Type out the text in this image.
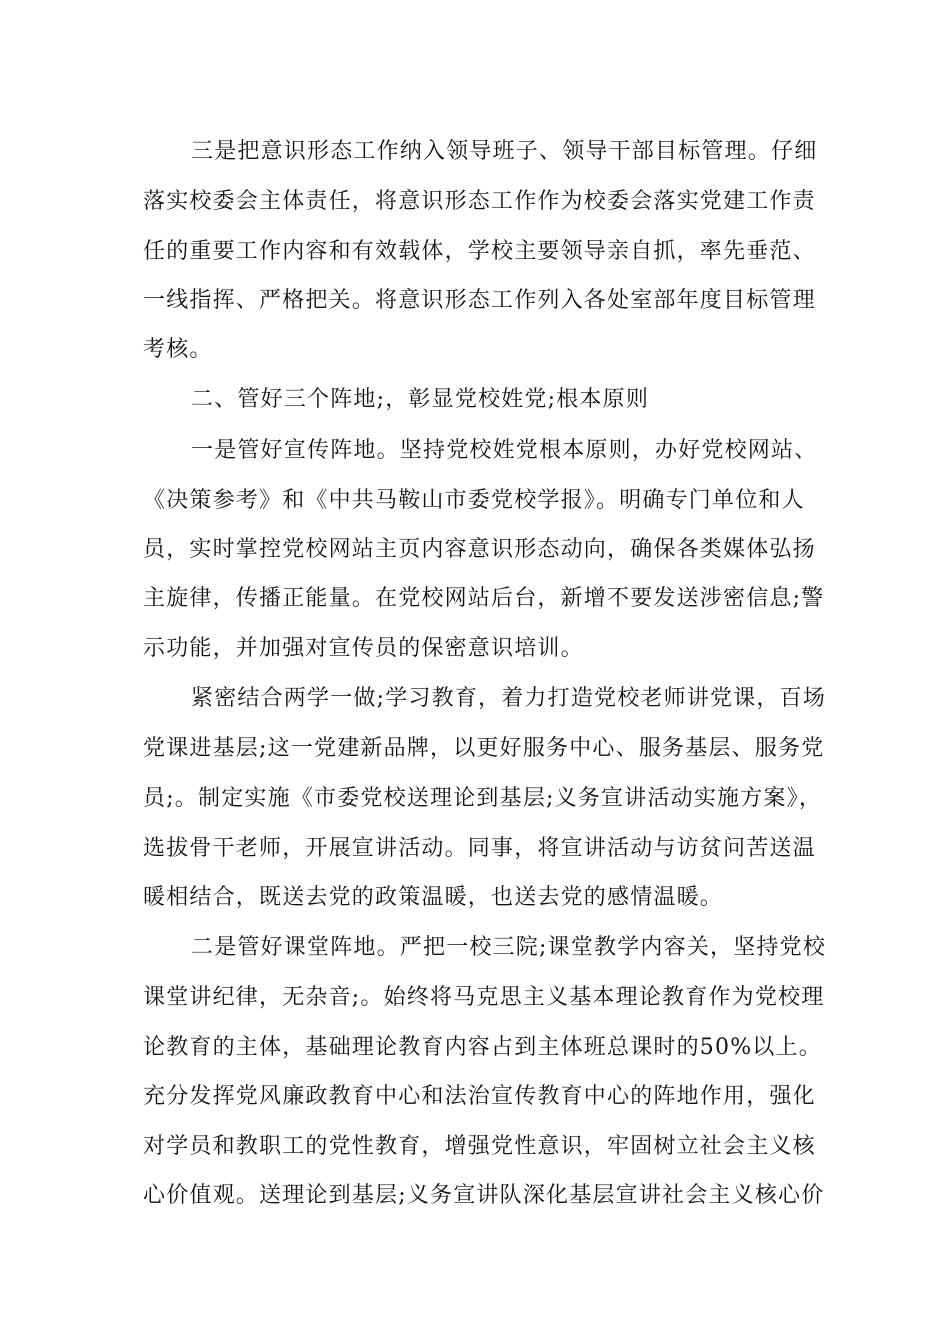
三是把意识形态工作纳入领导班子、领导干部目标管理。仔细
落实校委会主体责任，将意识形态工作作为校委会落实党建工作责
任的重要工作内容和有效载体，学校主要领导亲自抓，率先垂范、
一线指挥、严格把关。将意识形态工作列入各处室部年度目标管理
考核。
二、管好三个阵地;，彰显党校姓党;根本原则
一是管好宣传阵地。坚持党校姓党根本原则，办好党校网站、
《决策参考》和《中共马鞍山市委党校学报》。明确专门单位和人
员，实时掌控党校网站主页内容意识形态动向，确保各类媒体弘扬
主旋律，传播正能量。在党校网站后台，新增不要发送涉密信息;警
示功能，并加强对宣传员的保密意识培训。
紧密结合两学一做;学习教育，着力打造党校老师讲党课，百场
党课进基层;这一党建新品牌，以更好服务中心、服务基层、服务党
员;。制定实施《市委党校送理论到基层;义务宣讲活动实施方案》，
选拔骨干老师，开展宣讲活动。同事，将宣讲活动与访贫问苦送温
暖相结合，既送去党的政策温暖，也送去党的感情温暖。
二是管好课堂阵地。严把一校三院;课堂教学内容关，坚持党校
课堂讲纪律，无杂音;。始终将马克思主义基本理论教育作为党校理
论教育的主体，基础理论教育内容占到主体班总课时的50%以上。
充分发挥党风廉政教育中心和法治宣传教育中心的阵地作用，强化
对学员和教职工的党性教育，增强党性意识，牢固树立社会主义核
心价值观。送理论到基层;义务宣讲队深化基层宣讲社会主义核心价
